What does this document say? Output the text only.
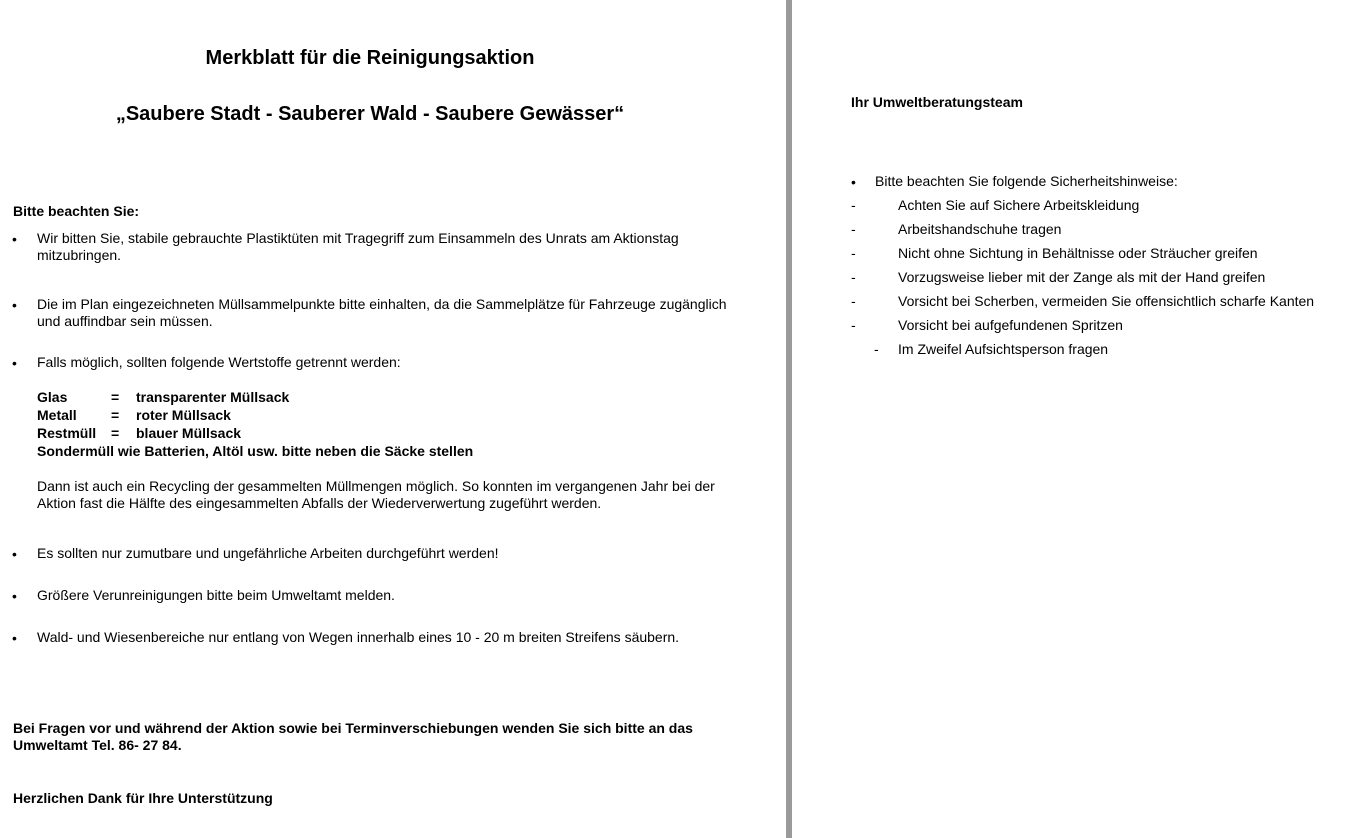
Merkblatt für die Reinigungsaktion
„Saubere Stadt - Sauberer Wald - Saubere Gewässer“
Bitte beachten Sie:
• Wir bitten Sie, stabile gebrauchte Plastiktüten mit Tragegriff zum Einsammeln des Unrats am Aktionstag mitzubringen.
• Die im Plan eingezeichneten Müllsammelpunkte bitte einhalten, da die Sammelplätze für Fahrzeuge zugänglich und auffindbar sein müssen.
• Falls möglich, sollten folgende Wertstoffe getrennt werden:
Glas	= transparenter Müllsack
Metall = roter Müllsack
Restmüll = blauer Müllsack
Sondermüll wie Batterien, Altöl usw. bitte neben die Säcke stellen
Dann ist auch ein Recycling der gesammelten Müllmengen möglich. So konnten im vergangenen Jahr bei der Aktion fast die Hälfte des eingesammelten Abfalls der Wiederverwertung zugeführt werden.
• Es sollten nur zumutbare und ungefährliche Arbeiten durchgeführt werden!
• Größere Verunreinigungen bitte beim Umweltamt melden.
• Wald- und Wiesenbereiche nur entlang von Wegen innerhalb eines 10 - 20 m breiten Streifens säubern.
Bei Fragen vor und während der Aktion sowie bei Terminverschiebungen wenden Sie sich bitte an das Umweltamt Tel. 86- 27 84.
Herzlichen Dank für Ihre Unterstützung
Ihr Umweltberatungsteam
• Bitte beachten Sie folgende Sicherheitshinweise:
-	Achten Sie auf Sichere Arbeitskleidung
-	Arbeitshandschuhe tragen
-	Nicht ohne Sichtung in Behältnisse oder Sträucher greifen
-	Vorzugsweise lieber mit der Zange als mit der Hand greifen
-	Vorsicht bei Scherben, vermeiden Sie offensichtlich scharfe Kanten
-	Vorsicht bei aufgefundenen Spritzen
- Im Zweifel Aufsichtsperson fragen
